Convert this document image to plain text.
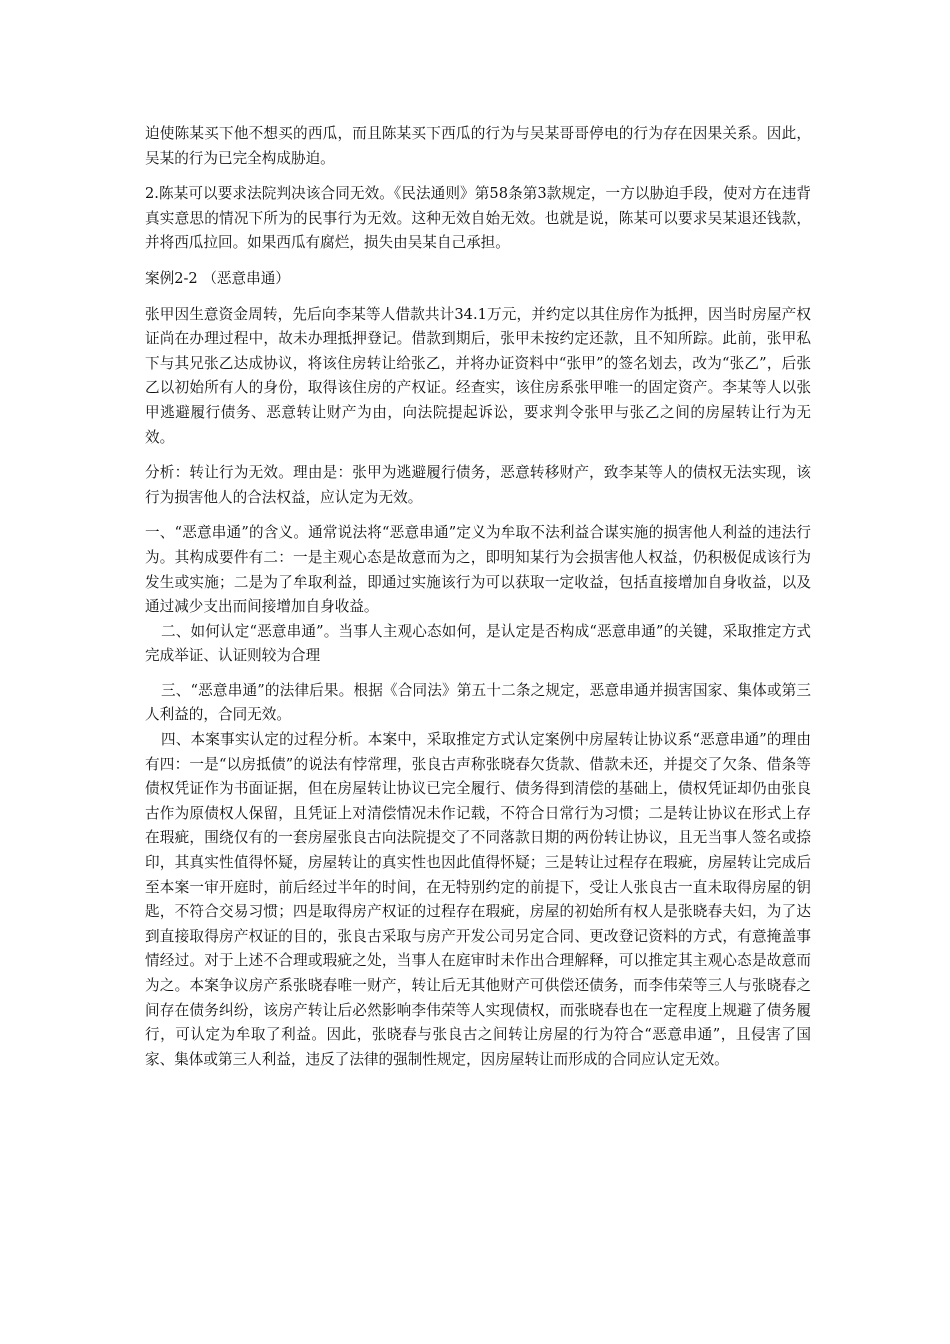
迫使陈某买下他不想买的西瓜，而且陈某买下西瓜的行为与吴某哥哥停电的行为存在因果关系。因此，吴某的行为已完全构成胁迫。

2.陈某可以要求法院判决该合同无效。《民法通则》第58条第3款规定，一方以胁迫手段，使对方在违背真实意思的情况下所为的民事行为无效。这种无效自始无效。也就是说，陈某可以要求吴某退还钱款，并将西瓜拉回。如果西瓜有腐烂，损失由吴某自己承担。

案例2-2 （恶意串通）

张甲因生意资金周转，先后向李某等人借款共计34.1万元，并约定以其住房作为抵押，因当时房屋产权证尚在办理过程中，故未办理抵押登记。借款到期后，张甲未按约定还款，且不知所踪。此前，张甲私下与其兄张乙达成协议，将该住房转让给张乙，并将办证资料中“张甲”的签名划去，改为“张乙”，后张乙以初始所有人的身份，取得该住房的产权证。经查实，该住房系张甲唯一的固定资产。李某等人以张甲逃避履行债务、恶意转让财产为由，向法院提起诉讼，要求判令张甲与张乙之间的房屋转让行为无效。

分析：转让行为无效。理由是：张甲为逃避履行债务，恶意转移财产，致李某等人的债权无法实现，该行为损害他人的合法权益，应认定为无效。

一、“恶意串通”的含义。通常说法将“恶意串通”定义为牟取不法利益合谋实施的损害他人利益的违法行为。其构成要件有二：一是主观心态是故意而为之，即明知某行为会损害他人权益，仍积极促成该行为发生或实施；二是为了牟取利益，即通过实施该行为可以获取一定收益，包括直接增加自身收益，以及通过减少支出而间接增加自身收益。

二、如何认定“恶意串通”。当事人主观心态如何，是认定是否构成“恶意串通”的关键，采取推定方式完成举证、认证则较为合理

三、“恶意串通”的法律后果。根据《合同法》第五十二条之规定，恶意串通并损害国家、集体或第三人利益的，合同无效。

四、本案事实认定的过程分析。本案中，采取推定方式认定案例中房屋转让协议系“恶意串通”的理由有四：一是“以房抵债”的说法有悖常理，张良古声称张晓春欠货款、借款未还，并提交了欠条、借条等债权凭证作为书面证据，但在房屋转让协议已完全履行、债务得到清偿的基础上，债权凭证却仍由张良古作为原债权人保留，且凭证上对清偿情况未作记载，不符合日常行为习惯；二是转让协议在形式上存在瑕疵，围绕仅有的一套房屋张良古向法院提交了不同落款日期的两份转让协议，且无当事人签名或捺印，其真实性值得怀疑，房屋转让的真实性也因此值得怀疑；三是转让过程存在瑕疵，房屋转让完成后至本案一审开庭时，前后经过半年的时间，在无特别约定的前提下，受让人张良古一直未取得房屋的钥匙，不符合交易习惯；四是取得房产权证的过程存在瑕疵，房屋的初始所有权人是张晓春夫妇，为了达到直接取得房产权证的目的，张良古采取与房产开发公司另定合同、更改登记资料的方式，有意掩盖事情经过。对于上述不合理或瑕疵之处，当事人在庭审时未作出合理解释，可以推定其主观心态是故意而为之。本案争议房产系张晓春唯一财产，转让后无其他财产可供偿还债务，而李伟荣等三人与张晓春之间存在债务纠纷，该房产转让后必然影响李伟荣等人实现债权，而张晓春也在一定程度上规避了债务履行，可认定为牟取了利益。因此，张晓春与张良古之间转让房屋的行为符合“恶意串通”，且侵害了国家、集体或第三人利益，违反了法律的强制性规定，因房屋转让而形成的合同应认定无效。
